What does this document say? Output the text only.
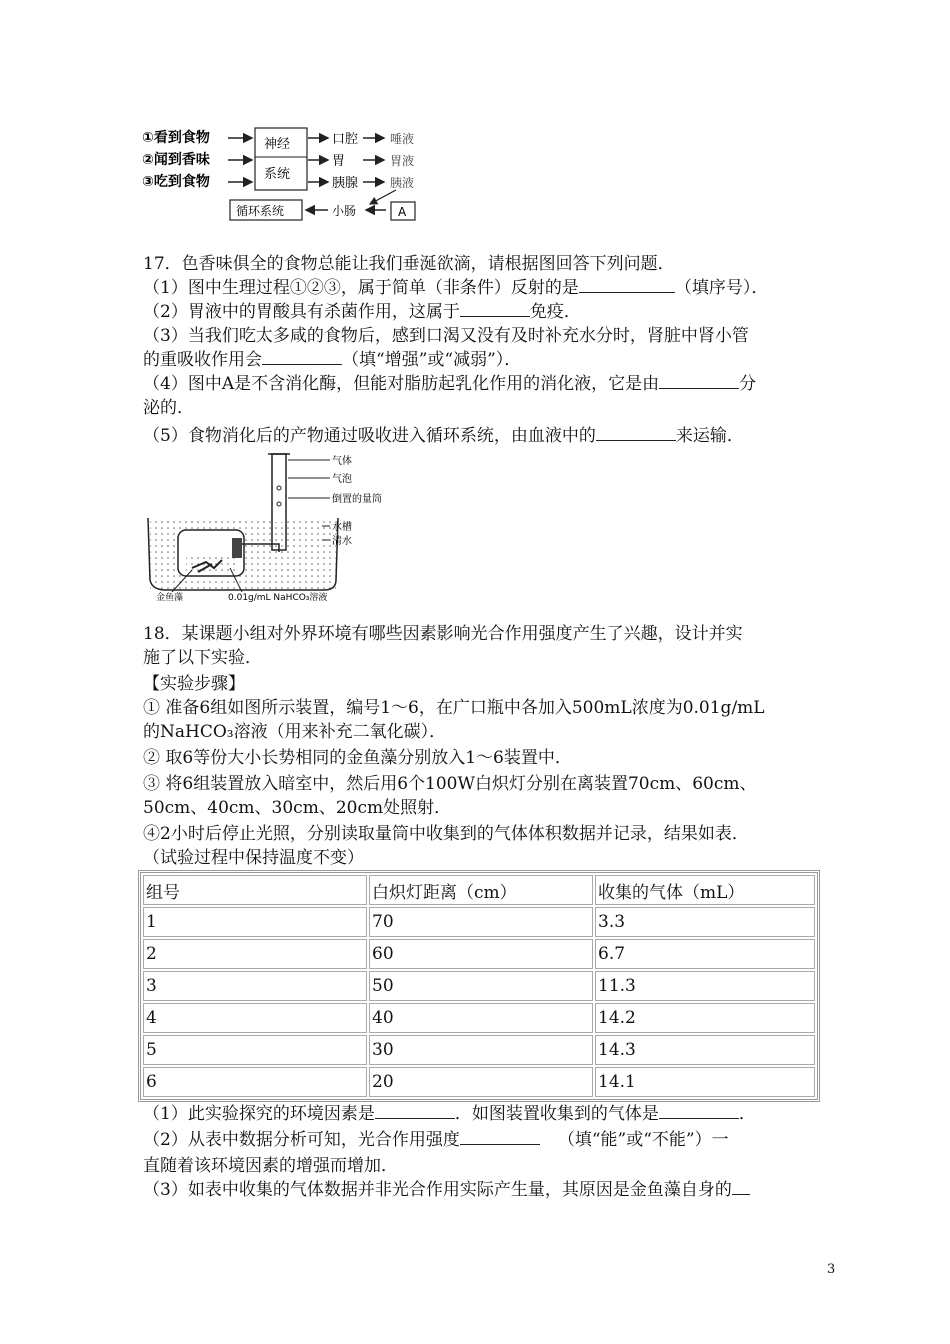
①看到食物
②闻到香味
③吃到食物
神经
系统
口腔
胃
胰腺
唾液
胃液
胰液
循环系统	小肠	A
17．色香味俱全的食物总能让我们垂涎欲滴，请根据图回答下列问题．
（1）图中生理过程①②③，属于简单（非条件）反射的是	（填序号）．
（2）胃液中的胃酸具有杀菌作用，这属于	免疫．
（3）当我们吃太多咸的食物后，感到口渴又没有及时补充水分时，肾脏中肾小管
的重吸收作用会	（填“增强”或“减弱”）．
（4）图中A是不含消化酶，但能对脂肪起乳化作用的消化液，它是由	分
泌的．
（5）食物消化后的产物通过吸收进入循环系统，由血液中的	来运输．
气体
气泡
倒置的量筒
水槽
清水
金鱼藻	0.01g/mL NaHCO₃溶液
18．某课题小组对外界环境有哪些因素影响光合作用强度产生了兴趣，设计并实
施了以下实验．
【实验步骤】
① 准备6组如图所示装置，编号1～6，在广口瓶中各加入500mL浓度为0.01g/mL
的NaHCO₃溶液（用来补充二氧化碳）．
② 取6等份大小长势相同的金鱼藻分别放入1～6装置中．
③ 将6组装置放入暗室中，然后用6个100W白炽灯分别在离装置70cm、60cm、
50cm、40cm、30cm、20cm处照射．
④2小时后停止光照，分别读取量筒中收集到的气体体积数据并记录，结果如表．
（试验过程中保持温度不变）
组号	白炽灯距离（cm）	收集的气体（mL）
1	70	3.3
2	60	6.7
3	50	11.3
4	40	14.2
5	30	14.3
6	20	14.1
（1）此实验探究的环境因素是	．如图装置收集到的气体是	．
（2）从表中数据分析可知，光合作用强度	（填“能”或“不能”）一
直随着该环境因素的增强而增加．
（3）如表中收集的气体数据并非光合作用实际产生量，其原因是金鱼藻自身的
3
